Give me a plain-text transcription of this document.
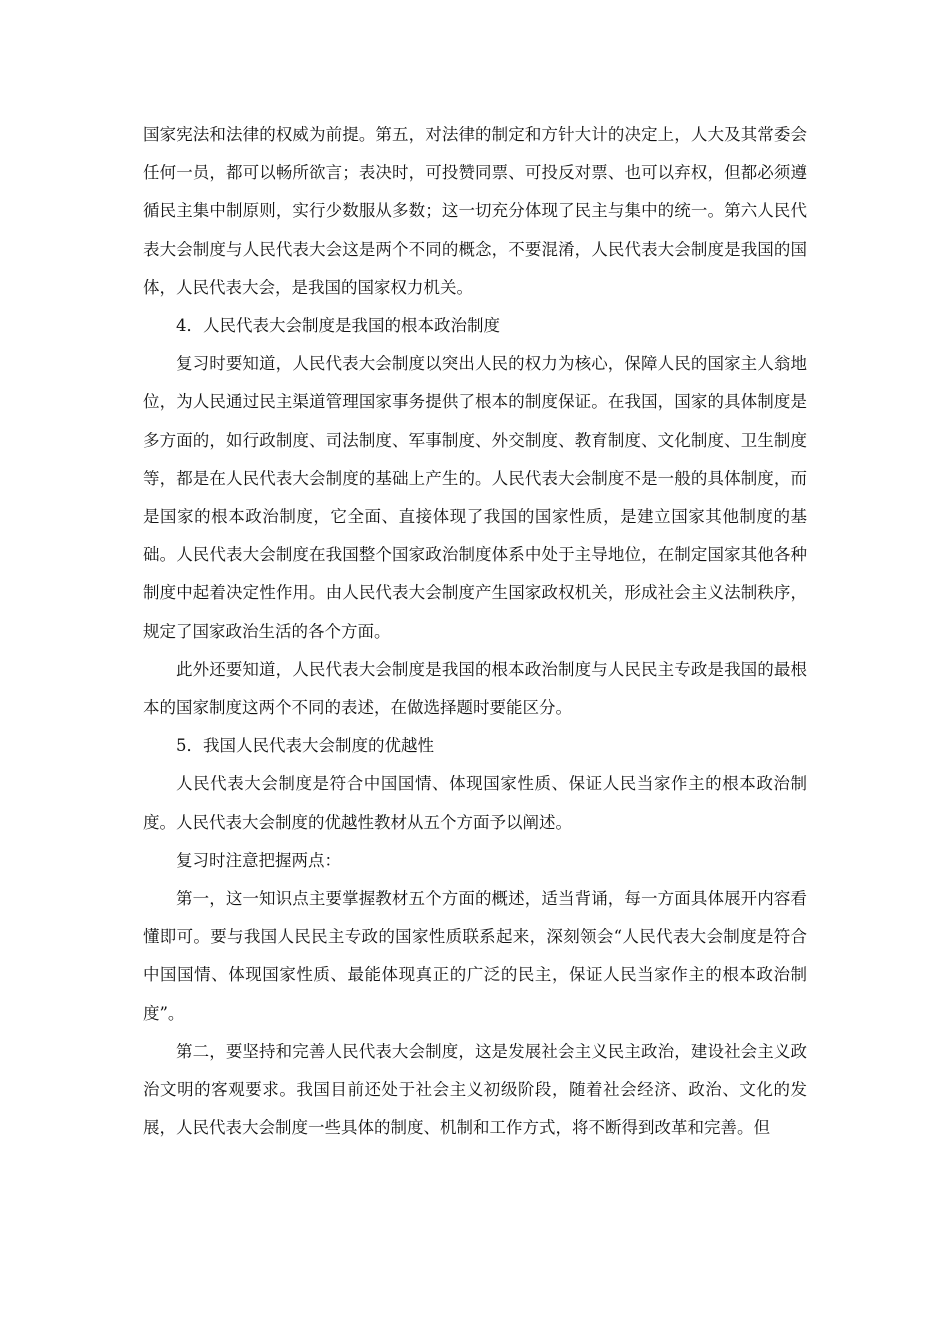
国家宪法和法律的权威为前提。第五，对法律的制定和方针大计的决定上，人大及其常委会任何一员，都可以畅所欲言；表决时，可投赞同票、可投反对票、也可以弃权，但都必须遵循民主集中制原则，实行少数服从多数；这一切充分体现了民主与集中的统一。第六人民代表大会制度与人民代表大会这是两个不同的概念，不要混淆，人民代表大会制度是我国的国体，人民代表大会，是我国的国家权力机关。

4．人民代表大会制度是我国的根本政治制度

复习时要知道，人民代表大会制度以突出人民的权力为核心，保障人民的国家主人翁地位，为人民通过民主渠道管理国家事务提供了根本的制度保证。在我国，国家的具体制度是多方面的，如行政制度、司法制度、军事制度、外交制度、教育制度、文化制度、卫生制度等，都是在人民代表大会制度的基础上产生的。人民代表大会制度不是一般的具体制度，而是国家的根本政治制度，它全面、直接体现了我国的国家性质，是建立国家其他制度的基础。人民代表大会制度在我国整个国家政治制度体系中处于主导地位，在制定国家其他各种制度中起着决定性作用。由人民代表大会制度产生国家政权机关，形成社会主义法制秩序，规定了国家政治生活的各个方面。

此外还要知道，人民代表大会制度是我国的根本政治制度与人民民主专政是我国的最根本的国家制度这两个不同的表述，在做选择题时要能区分。

5．我国人民代表大会制度的优越性

人民代表大会制度是符合中国国情、体现国家性质、保证人民当家作主的根本政治制度。人民代表大会制度的优越性教材从五个方面予以阐述。

复习时注意把握两点：

第一，这一知识点主要掌握教材五个方面的概述，适当背诵，每一方面具体展开内容看懂即可。要与我国人民民主专政的国家性质联系起来，深刻领会“人民代表大会制度是符合中国国情、体现国家性质、最能体现真正的广泛的民主，保证人民当家作主的根本政治制度”。

第二，要坚持和完善人民代表大会制度，这是发展社会主义民主政治，建设社会主义政治文明的客观要求。我国目前还处于社会主义初级阶段，随着社会经济、政治、文化的发展，人民代表大会制度一些具体的制度、机制和工作方式，将不断得到改革和完善。但
